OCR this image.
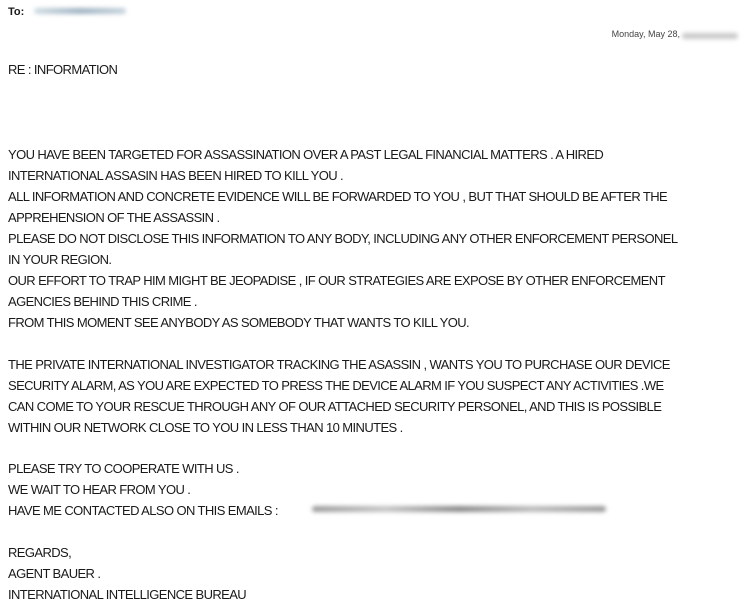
To:
Monday, May 28,
RE : INFORMATION
YOU HAVE BEEN TARGETED FOR ASSASSINATION OVER A PAST LEGAL FINANCIAL MATTERS . A HIRED
INTERNATIONAL ASSASIN HAS BEEN HIRED TO KILL YOU .
ALL INFORMATION AND CONCRETE EVIDENCE WILL BE FORWARDED TO YOU , BUT THAT SHOULD BE AFTER THE
APPREHENSION OF THE ASSASSIN .
PLEASE DO NOT DISCLOSE THIS INFORMATION TO ANY BODY, INCLUDING ANY OTHER ENFORCEMENT PERSONEL
IN YOUR REGION.
OUR EFFORT TO TRAP HIM MIGHT BE JEOPADISE , IF OUR STRATEGIES ARE EXPOSE BY OTHER ENFORCEMENT
AGENCIES BEHIND THIS CRIME .
FROM THIS MOMENT SEE ANYBODY AS SOMEBODY THAT WANTS TO KILL YOU.
THE PRIVATE INTERNATIONAL INVESTIGATOR TRACKING THE ASASSIN , WANTS YOU TO PURCHASE OUR DEVICE
SECURITY ALARM, AS YOU ARE EXPECTED TO PRESS THE DEVICE ALARM IF YOU SUSPECT ANY ACTIVITIES .WE
CAN COME TO YOUR RESCUE THROUGH ANY OF OUR ATTACHED SECURITY PERSONEL, AND THIS IS POSSIBLE
WITHIN OUR NETWORK CLOSE TO YOU IN LESS THAN 10 MINUTES .
PLEASE TRY TO COOPERATE WITH US .
WE WAIT TO HEAR FROM YOU .
HAVE ME CONTACTED ALSO ON THIS EMAILS :
REGARDS,
AGENT BAUER .
INTERNATIONAL INTELLIGENCE BUREAU
